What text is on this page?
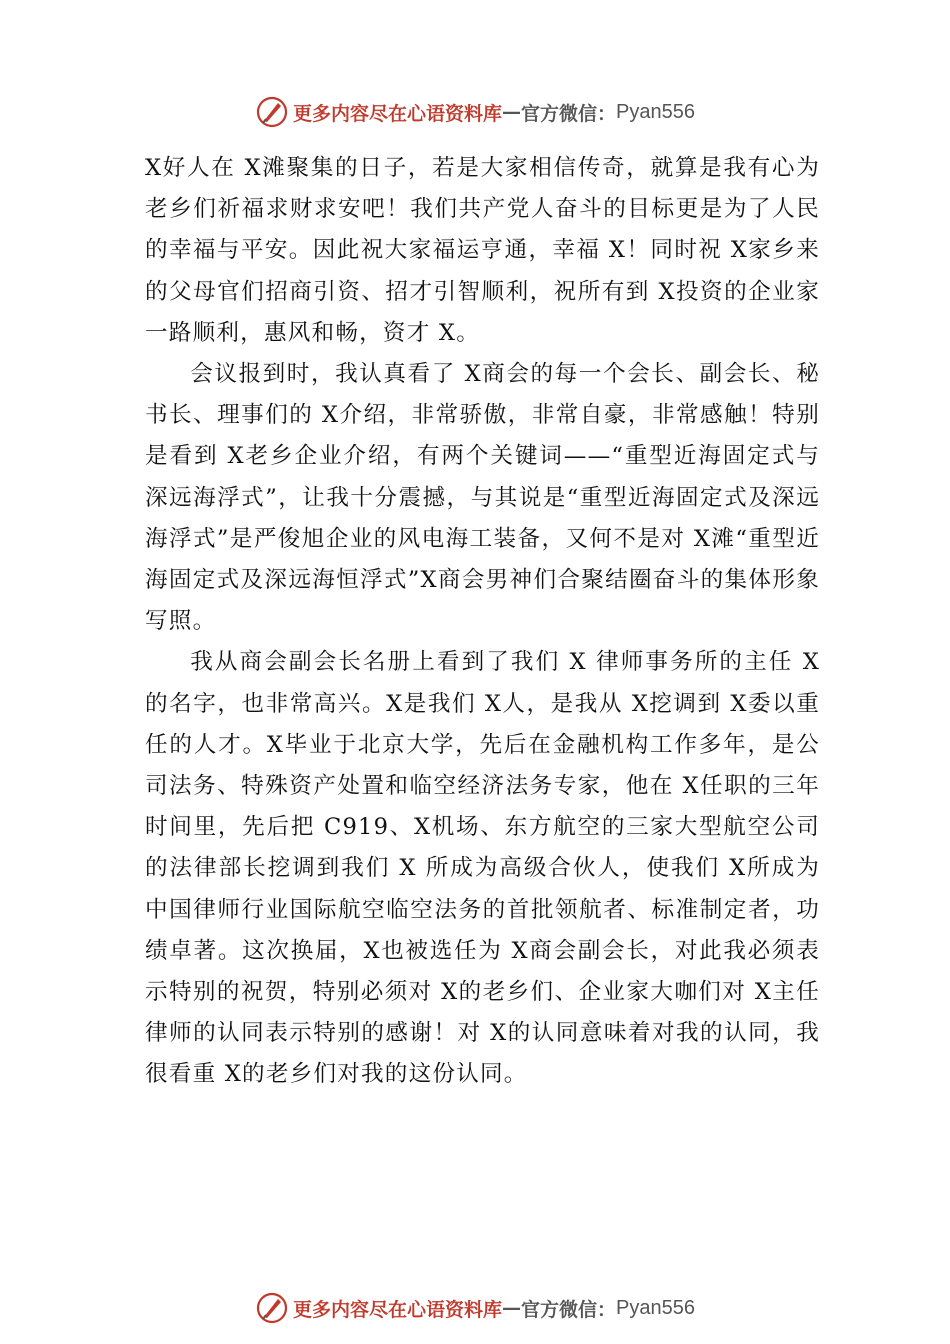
更多内容尽在心语资料库 — 官方微信： Pyan556

X好人在 X滩聚集的日子，若是大家相信传奇，就算是我有心为老乡们祈福求财求安吧！我们共产党人奋斗的目标更是为了人民的幸福与平安。因此祝大家福运亨通，幸福 X！同时祝 X家乡来的父母官们招商引资、招才引智顺利，祝所有到 X投资的企业家一路顺利，惠风和畅，资才 X。

会议报到时，我认真看了 X商会的每一个会长、副会长、秘书长、理事们的 X介绍，非常骄傲，非常自豪，非常感触！特别是看到 X老乡企业介绍，有两个关键词——“重型近海固定式与深远海浮式”，让我十分震撼，与其说是“重型近海固定式及深远海浮式”是严俊旭企业的风电海工装备，又何不是对 X滩“重型近海固定式及深远海恒浮式”X商会男神们合聚结圈奋斗的集体形象写照。

我从商会副会长名册上看到了我们 X 律师事务所的主任 X的名字，也非常高兴。X是我们 X人，是我从 X挖调到 X委以重任的人才。X毕业于北京大学，先后在金融机构工作多年，是公司法务、特殊资产处置和临空经济法务专家，他在 X任职的三年时间里，先后把 C919、X机场、东方航空的三家大型航空公司的法律部长挖调到我们 X 所成为高级合伙人，使我们 X所成为中国律师行业国际航空临空法务的首批领航者、标准制定者，功绩卓著。这次换届，X也被选任为 X商会副会长，对此我必须表示特别的祝贺，特别必须对 X的老乡们、企业家大咖们对 X主任律师的认同表示特别的感谢！对 X的认同意味着对我的认同，我很看重 X的老乡们对我的这份认同。

更多内容尽在心语资料库 — 官方微信： Pyan556
